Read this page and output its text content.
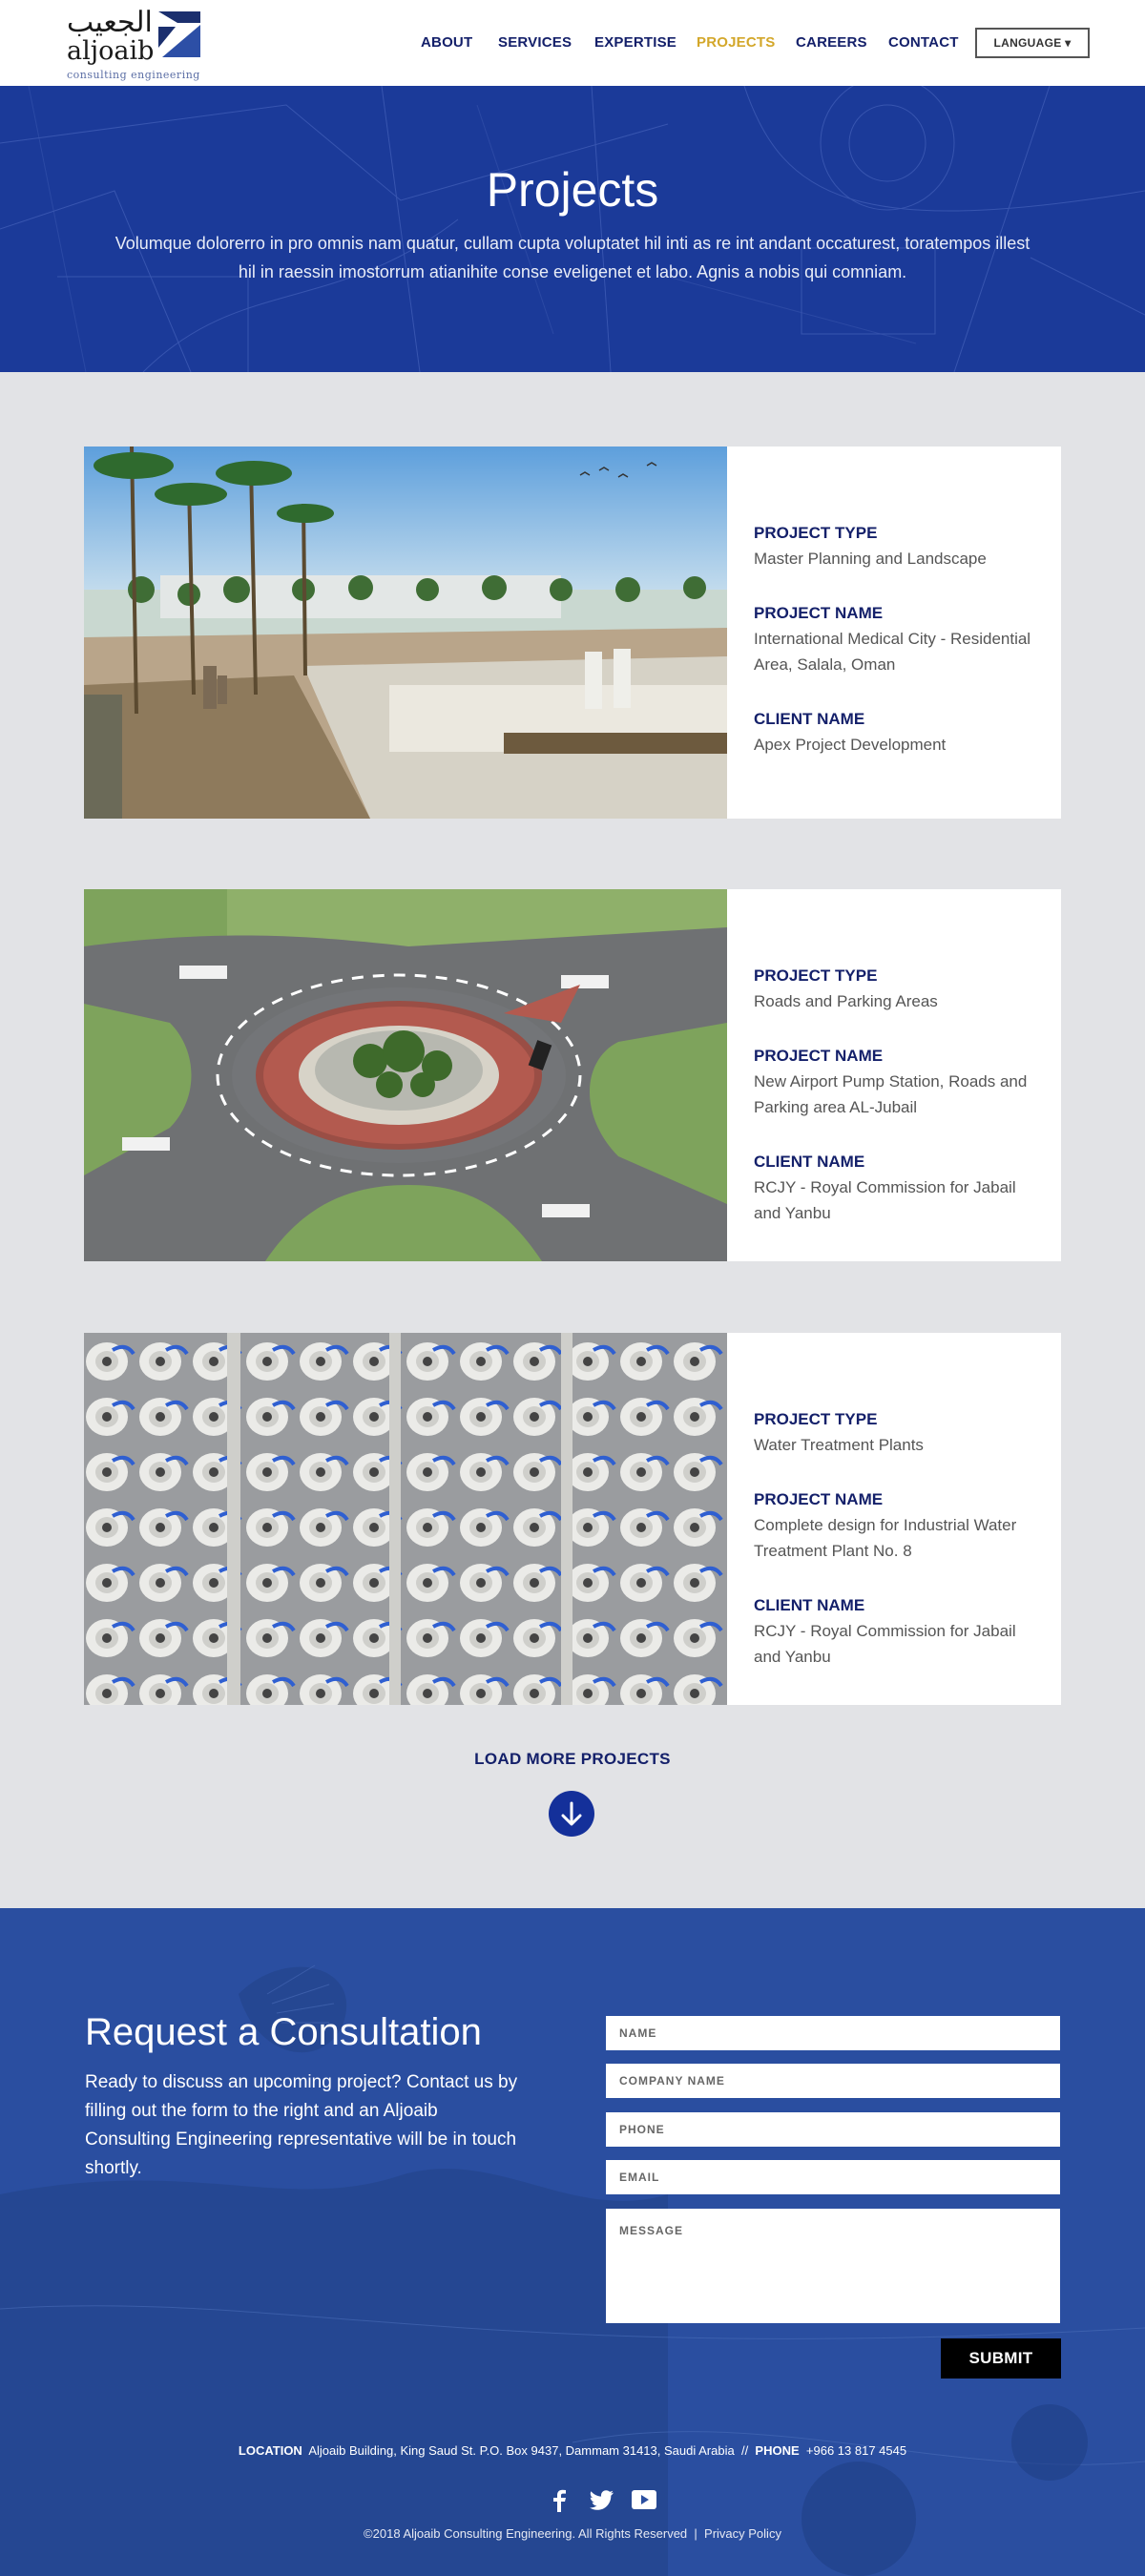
الجعيب
aljoaib
consulting engineering
ABOUT SERVICES EXPERTISE PROJECTS CAREERS CONTACT	LANGUAGE ▾
Projects

Volumque dolorerro in pro omnis nam quatur, cullam cupta voluptatet hil inti as re int andant occaturest, toratempos illest hil in raessin imostorrum atianihite conse eveligenet et labo. Agnis a nobis qui comniam.

PROJECT TYPE
Master Planning and Landscape
PROJECT NAME
International Medical City - Residential Area, Salala, Oman
CLIENT NAME
Apex Project Development
PROJECT TYPE
Roads and Parking Areas
PROJECT NAME
New Airport Pump Station, Roads and Parking area AL-Jubail
CLIENT NAME
RCJY - Royal Commission for Jabail and Yanbu
PROJECT TYPE
Water Treatment Plants
PROJECT NAME
Complete design for Industrial Water Treatment Plant No. 8
CLIENT NAME
RCJY - Royal Commission for Jabail and Yanbu
LOAD MORE PROJECTS
Request a Consultation

Ready to discuss an upcoming project? Contact us by filling out the form to the right and an Aljoaib Consulting Engineering representative will be in touch shortly.

NAME
COMPANY NAME
PHONE
EMAIL
MESSAGE
SUBMIT
LOCATION Aljoaib Building, King Saud St. P.O. Box 9437, Dammam 31413, Saudi Arabia // PHONE +966 13 817 4545
©2018 Aljoaib Consulting Engineering. All Rights Reserved | Privacy Policy
